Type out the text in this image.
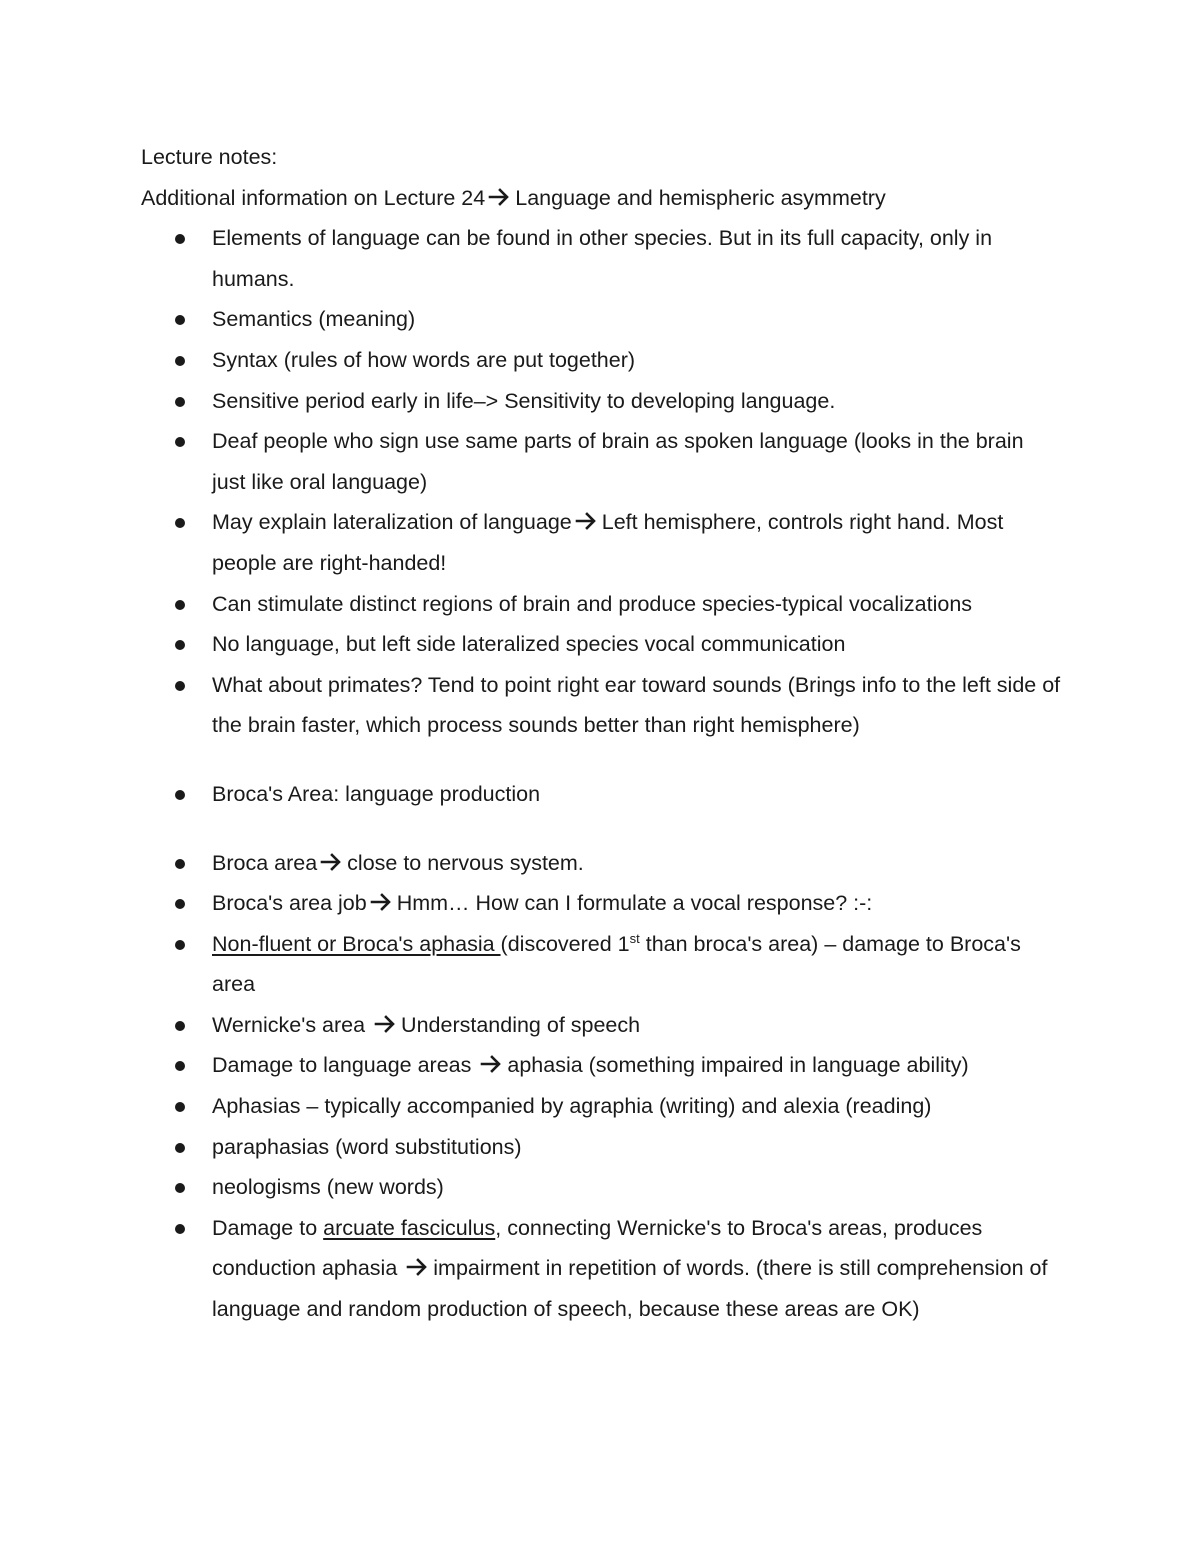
Lecture notes:
Additional information on Lecture 24 Language and hemispheric asymmetry
Elements of language can be found in other species. But in its full capacity, only in humans.
Semantics (meaning)
Syntax (rules of how words are put together)
Sensitive period early in life–> Sensitivity to developing language.
Deaf people who sign use same parts of brain as spoken language (looks in the brain just like oral language)
May explain lateralization of language Left hemisphere, controls right hand. Most people are right-handed!
Can stimulate distinct regions of brain and produce species-typical vocalizations
No language, but left side lateralized species vocal communication
What about primates? Tend to point right ear toward sounds (Brings info to the left side of the brain faster, which process sounds better than right hemisphere)
Broca's Area: language production
Broca area close to nervous system.
Broca's area job Hmm… How can I formulate a vocal response? :-:
Non-fluent or Broca's aphasia (discovered 1st than broca's area) – damage to Broca's area
Wernicke's area
Understanding of speech
Damage to language areas
aphasia (something impaired in language ability)
Aphasias – typically accompanied by agraphia (writing) and alexia (reading)
paraphasias (word substitutions)
neologisms (new words)
Damage to arcuate fasciculus, connecting Wernicke's to Broca's areas, produces conduction aphasia
impairment in repetition of words. (there is still comprehension of language and random production of speech, because these areas are OK)
